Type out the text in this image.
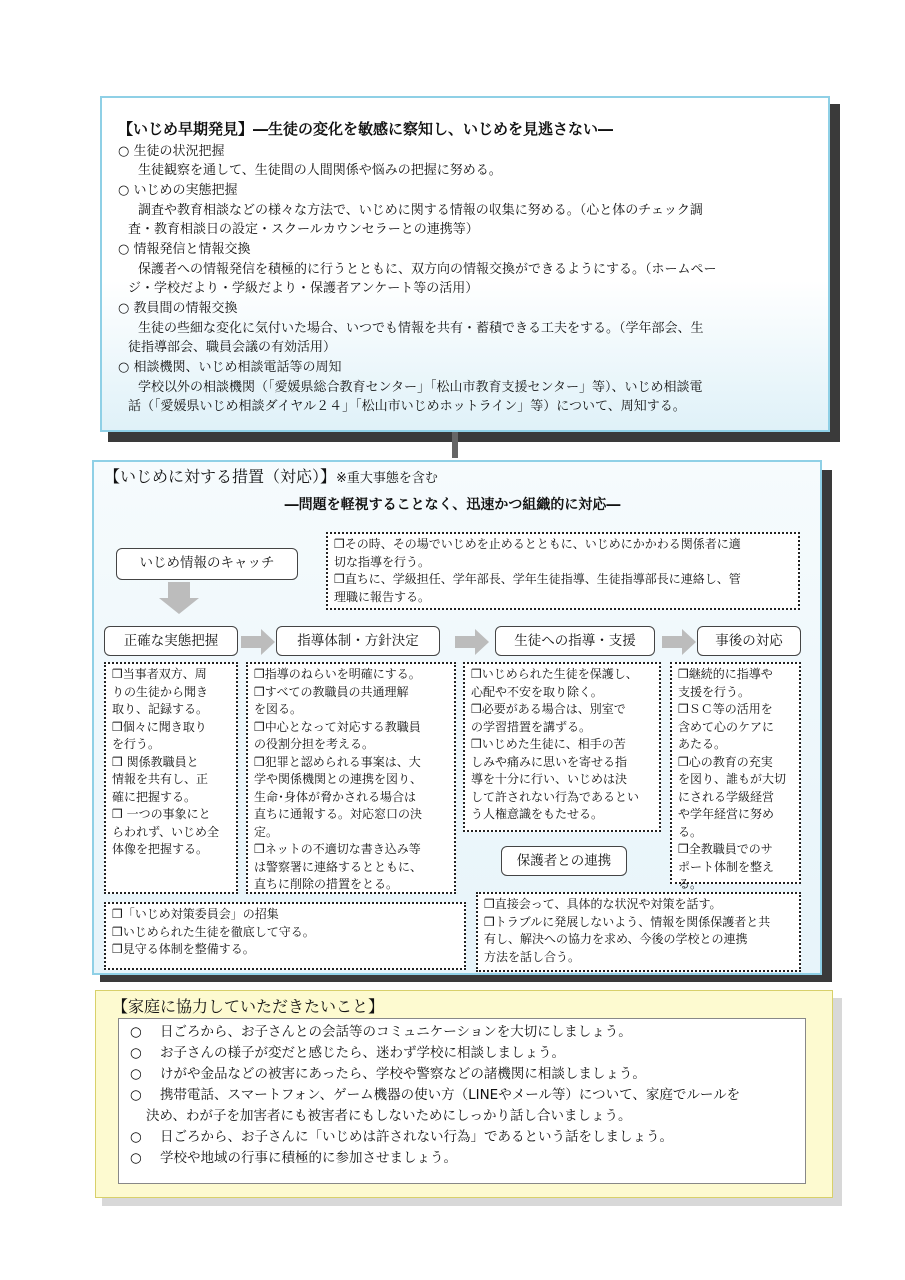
【いじめ早期発見】―生徒の変化を敏感に察知し、いじめを見逃さない―
○ 生徒の状況把握
生徒観察を通して、生徒間の人間関係や悩みの把握に努める。
○ いじめの実態把握
調査や教育相談などの様々な方法で、いじめに関する情報の収集に努める。（心と体のチェック調
査・教育相談日の設定・スクールカウンセラーとの連携等）
○ 情報発信と情報交換
保護者への情報発信を積極的に行うとともに、双方向の情報交換ができるようにする。（ホームペー
ジ・学校だより・学級だより・保護者アンケート等の活用）
○ 教員間の情報交換
生徒の些細な変化に気付いた場合、いつでも情報を共有・蓄積できる工夫をする。（学年部会、生
徒指導部会、職員会議の有効活用）
○ 相談機関、いじめ相談電話等の周知
学校以外の相談機関（「愛媛県総合教育センター」「松山市教育支援センター」等）、いじめ相談電
話（「愛媛県いじめ相談ダイヤル２４」「松山市いじめホットライン」等）について、周知する。
【いじめに対する措置（対応）】※重大事態を含む
―問題を軽視することなく、迅速かつ組織的に対応―
いじめ情報のキャッチ

❒その時、その場でいじめを止めるとともに、いじめにかかわる関係者に適

切な指導を行う。

❒直ちに、学級担任、学年部長、学年生徒指導、生徒指導部長に連絡し、管

理職に報告する。

正確な実態把握	指導体制・方針決定	生徒への指導・支援	事後の対応

❒当事者双方、周

りの生徒から聞き

取り、記録する。

❒個々に聞き取り

を行う。

❒ 関係教職員と

情報を共有し、正

確に把握する。

❒ 一つの事象にと

らわれず、いじめ全

体像を把握する。

❒指導のねらいを明確にする。

❒すべての教職員の共通理解

を図る。

❒中心となって対応する教職員

の役割分担を考える。

❒犯罪と認められる事案は、大

学や関係機関との連携を図り、

生命･身体が脅かされる場合は

直ちに通報する。対応窓口の決

定。

❒ネットの不適切な書き込み等

は警察署に連絡するとともに、

直ちに削除の措置をとる。

❒いじめられた生徒を保護し、

心配や不安を取り除く。

❒必要がある場合は、別室で

の学習措置を講ずる。

❒いじめた生徒に、相手の苦

しみや痛みに思いを寄せる指

導を十分に行い、いじめは決

して許されない行為であるとい

う人権意識をもたせる。

❒継続的に指導や

支援を行う。

❒ＳＣ等の活用を

含めて心のケアに

あたる。

❒心の教育の充実

を図り、誰もが大切

にされる学級経営

や学年経営に努め

る。

❒全教職員でのサ

ポート体制を整える。

保護者との連携

❒「いじめ対策委員会」の招集

❒いじめられた生徒を徹底して守る。

❒見守る体制を整備する。

❒直接会って、具体的な状況や対策を話す。

❒トラブルに発展しないよう、情報を関係保護者と共

有し、解決への協力を求め、今後の学校との連携

方法を話し合う。

【家庭に協力していただきたいこと】
○ 日ごろから、お子さんとの会話等のコミュニケーションを大切にしましょう。
○ お子さんの様子が変だと感じたら、迷わず学校に相談しましょう。
○ けがや金品などの被害にあったら、学校や警察などの諸機関に相談しましょう。
○ 携帯電話、スマートフォン、ゲーム機器の使い方（LINEやメール等）について、家庭でルールを
決め、わが子を加害者にも被害者にもしないためにしっかり話し合いましょう。
○ 日ごろから、お子さんに「いじめは許されない行為」であるという話をしましょう。
○ 学校や地域の行事に積極的に参加させましょう。
